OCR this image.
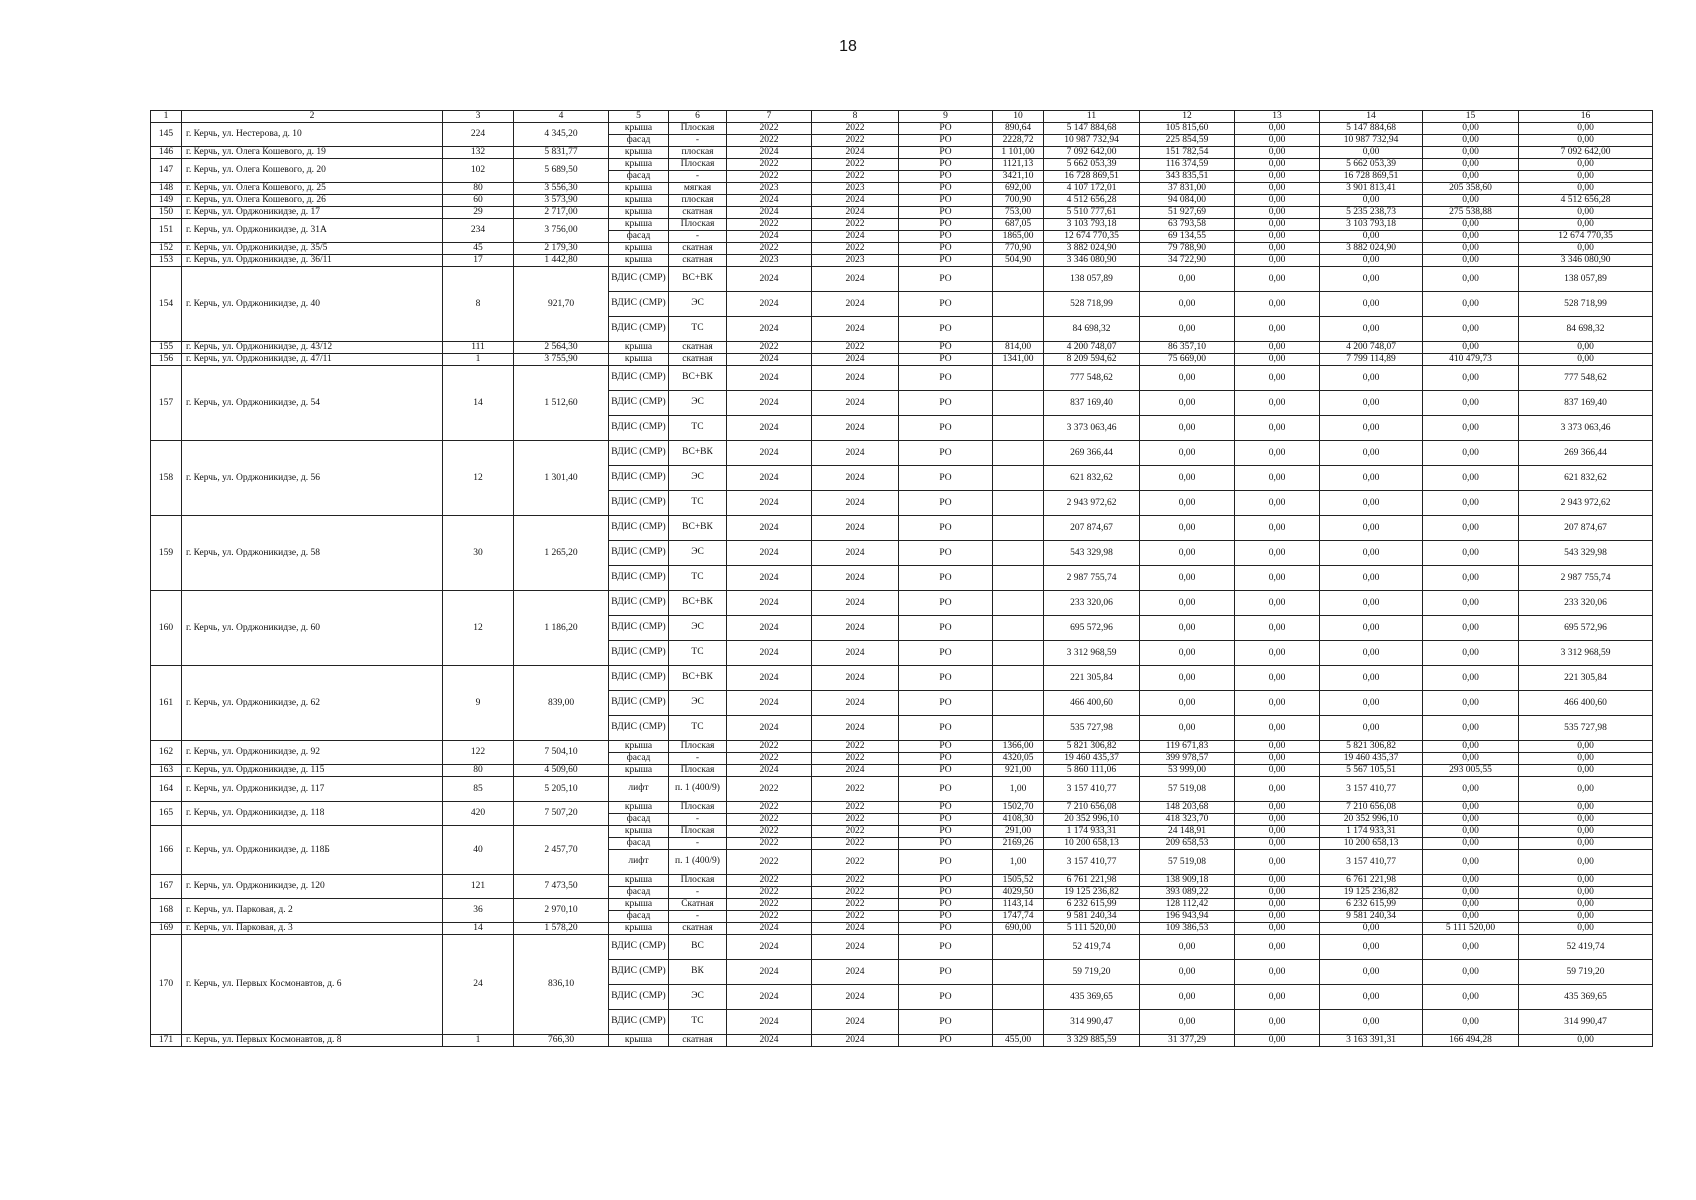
18
1	2	3	4	5	6	7	8	9	10	11	12	13	14	15	16
145	г. Керчь, ул. Нестерова, д. 10	224	4 345,20	крыша	Плоская	2022	2022	РО	890,64	5 147 884,68	105 815,60	0,00	5 147 884,68	0,00	0,00
				фасад	-	2022	2022	РО	2228,72	10 987 732,94	225 854,59	0,00	10 987 732,94	0,00	0,00
146	г. Керчь, ул. Олега Кошевого, д. 19	132	5 831,77	крыша	плоская	2024	2024	РО	1 101,00	7 092 642,00	151 782,54	0,00	0,00	0,00	7 092 642,00
147	г. Керчь, ул. Олега Кошевого, д. 20	102	5 689,50	крыша	Плоская	2022	2022	РО	1121,13	5 662 053,39	116 374,59	0,00	5 662 053,39	0,00	0,00
				фасад	-	2022	2022	РО	3421,10	16 728 869,51	343 835,51	0,00	16 728 869,51	0,00	0,00
148	г. Керчь, ул. Олега Кошевого, д. 25	80	3 556,30	крыша	мягкая	2023	2023	РО	692,00	4 107 172,01	37 831,00	0,00	3 901 813,41	205 358,60	0,00
149	г. Керчь, ул. Олега Кошевого, д. 26	60	3 573,90	крыша	плоская	2024	2024	РО	700,90	4 512 656,28	94 084,00	0,00	0,00	0,00	4 512 656,28
150	г. Керчь, ул. Орджоникидзе, д. 17	29	2 717,00	крыша	скатная	2024	2024	РО	753,00	5 510 777,61	51 927,69	0,00	5 235 238,73	275 538,88	0,00
151	г. Керчь, ул. Орджоникидзе, д. 31А	234	3 756,00	крыша	Плоская	2022	2022	РО	687,05	3 103 793,18	63 793,58	0,00	3 103 793,18	0,00	0,00
				фасад	-	2024	2024	РО	1865,00	12 674 770,35	69 134,55	0,00	0,00	0,00	12 674 770,35
152	г. Керчь, ул. Орджоникидзе, д. 35/5	45	2 179,30	крыша	скатная	2022	2022	РО	770,90	3 882 024,90	79 788,90	0,00	3 882 024,90	0,00	0,00
153	г. Керчь, ул. Орджоникидзе, д. 36/11	17	1 442,80	крыша	скатная	2023	2023	РО	504,90	3 346 080,90	34 722,90	0,00	0,00	0,00	3 346 080,90
154	г. Керчь, ул. Орджоникидзе, д. 40	8	921,70	ВДИС (СМР)	ВС+ВК	2024	2024	РО		138 057,89	0,00	0,00	0,00	0,00	138 057,89
				ВДИС (СМР)	ЭС	2024	2024	РО		528 718,99	0,00	0,00	0,00	0,00	528 718,99
				ВДИС (СМР)	ТС	2024	2024	РО		84 698,32	0,00	0,00	0,00	0,00	84 698,32
155	г. Керчь, ул. Орджоникидзе, д. 43/12	111	2 564,30	крыша	скатная	2022	2022	РО	814,00	4 200 748,07	86 357,10	0,00	4 200 748,07	0,00	0,00
156	г. Керчь, ул. Орджоникидзе, д. 47/11	1	3 755,90	крыша	скатная	2024	2024	РО	1341,00	8 209 594,62	75 669,00	0,00	7 799 114,89	410 479,73	0,00
157	г. Керчь, ул. Орджоникидзе, д. 54	14	1 512,60	ВДИС (СМР)	ВС+ВК	2024	2024	РО		777 548,62	0,00	0,00	0,00	0,00	777 548,62
				ВДИС (СМР)	ЭС	2024	2024	РО		837 169,40	0,00	0,00	0,00	0,00	837 169,40
				ВДИС (СМР)	ТС	2024	2024	РО		3 373 063,46	0,00	0,00	0,00	0,00	3 373 063,46
158	г. Керчь, ул. Орджоникидзе, д. 56	12	1 301,40	ВДИС (СМР)	ВС+ВК	2024	2024	РО		269 366,44	0,00	0,00	0,00	0,00	269 366,44
				ВДИС (СМР)	ЭС	2024	2024	РО		621 832,62	0,00	0,00	0,00	0,00	621 832,62
				ВДИС (СМР)	ТС	2024	2024	РО		2 943 972,62	0,00	0,00	0,00	0,00	2 943 972,62
159	г. Керчь, ул. Орджоникидзе, д. 58	30	1 265,20	ВДИС (СМР)	ВС+ВК	2024	2024	РО		207 874,67	0,00	0,00	0,00	0,00	207 874,67
				ВДИС (СМР)	ЭС	2024	2024	РО		543 329,98	0,00	0,00	0,00	0,00	543 329,98
				ВДИС (СМР)	ТС	2024	2024	РО		2 987 755,74	0,00	0,00	0,00	0,00	2 987 755,74
160	г. Керчь, ул. Орджоникидзе, д. 60	12	1 186,20	ВДИС (СМР)	ВС+ВК	2024	2024	РО		233 320,06	0,00	0,00	0,00	0,00	233 320,06
				ВДИС (СМР)	ЭС	2024	2024	РО		695 572,96	0,00	0,00	0,00	0,00	695 572,96
				ВДИС (СМР)	ТС	2024	2024	РО		3 312 968,59	0,00	0,00	0,00	0,00	3 312 968,59
161	г. Керчь, ул. Орджоникидзе, д. 62	9	839,00	ВДИС (СМР)	ВС+ВК	2024	2024	РО		221 305,84	0,00	0,00	0,00	0,00	221 305,84
				ВДИС (СМР)	ЭС	2024	2024	РО		466 400,60	0,00	0,00	0,00	0,00	466 400,60
				ВДИС (СМР)	ТС	2024	2024	РО		535 727,98	0,00	0,00	0,00	0,00	535 727,98
162	г. Керчь, ул. Орджоникидзе, д. 92	122	7 504,10	крыша	Плоская	2022	2022	РО	1366,00	5 821 306,82	119 671,83	0,00	5 821 306,82	0,00	0,00
				фасад	-	2022	2022	РО	4320,05	19 460 435,37	399 978,57	0,00	19 460 435,37	0,00	0,00
163	г. Керчь, ул. Орджоникидзе, д. 115	80	4 509,60	крыша	Плоская	2024	2024	РО	921,00	5 860 111,06	53 999,00	0,00	5 567 105,51	293 005,55	0,00
164	г. Керчь, ул. Орджоникидзе, д. 117	85	5 205,10	лифт	п. 1 (400/9)	2022	2022	РО	1,00	3 157 410,77	57 519,08	0,00	3 157 410,77	0,00	0,00
165	г. Керчь, ул. Орджоникидзе, д. 118	420	7 507,20	крыша	Плоская	2022	2022	РО	1502,70	7 210 656,08	148 203,68	0,00	7 210 656,08	0,00	0,00
				фасад	-	2022	2022	РО	4108,30	20 352 996,10	418 323,70	0,00	20 352 996,10	0,00	0,00
166	г. Керчь, ул. Орджоникидзе, д. 118Б	40	2 457,70	крыша	Плоская	2022	2022	РО	291,00	1 174 933,31	24 148,91	0,00	1 174 933,31	0,00	0,00
				фасад	-	2022	2022	РО	2169,26	10 200 658,13	209 658,53	0,00	10 200 658,13	0,00	0,00
				лифт	п. 1 (400/9)	2022	2022	РО	1,00	3 157 410,77	57 519,08	0,00	3 157 410,77	0,00	0,00
167	г. Керчь, ул. Орджоникидзе, д. 120	121	7 473,50	крыша	Плоская	2022	2022	РО	1505,52	6 761 221,98	138 909,18	0,00	6 761 221,98	0,00	0,00
				фасад	-	2022	2022	РО	4029,50	19 125 236,82	393 089,22	0,00	19 125 236,82	0,00	0,00
168	г. Керчь, ул. Парковая, д. 2	36	2 970,10	крыша	Скатная	2022	2022	РО	1143,14	6 232 615,99	128 112,42	0,00	6 232 615,99	0,00	0,00
				фасад	-	2022	2022	РО	1747,74	9 581 240,34	196 943,94	0,00	9 581 240,34	0,00	0,00
169	г. Керчь, ул. Парковая, д. 3	14	1 578,20	крыша	скатная	2024	2024	РО	690,00	5 111 520,00	109 386,53	0,00	0,00	5 111 520,00	0,00
170	г. Керчь, ул. Первых Космонавтов, д. 6	24	836,10	ВДИС (СМР)	ВС	2024	2024	РО		52 419,74	0,00	0,00	0,00	0,00	52 419,74
				ВДИС (СМР)	ВК	2024	2024	РО		59 719,20	0,00	0,00	0,00	0,00	59 719,20
				ВДИС (СМР)	ЭС	2024	2024	РО		435 369,65	0,00	0,00	0,00	0,00	435 369,65
				ВДИС (СМР)	ТС	2024	2024	РО		314 990,47	0,00	0,00	0,00	0,00	314 990,47
171	г. Керчь, ул. Первых Космонавтов, д. 8	1	766,30	крыша	скатная	2024	2024	РО	455,00	3 329 885,59	31 377,29	0,00	3 163 391,31	166 494,28	0,00
